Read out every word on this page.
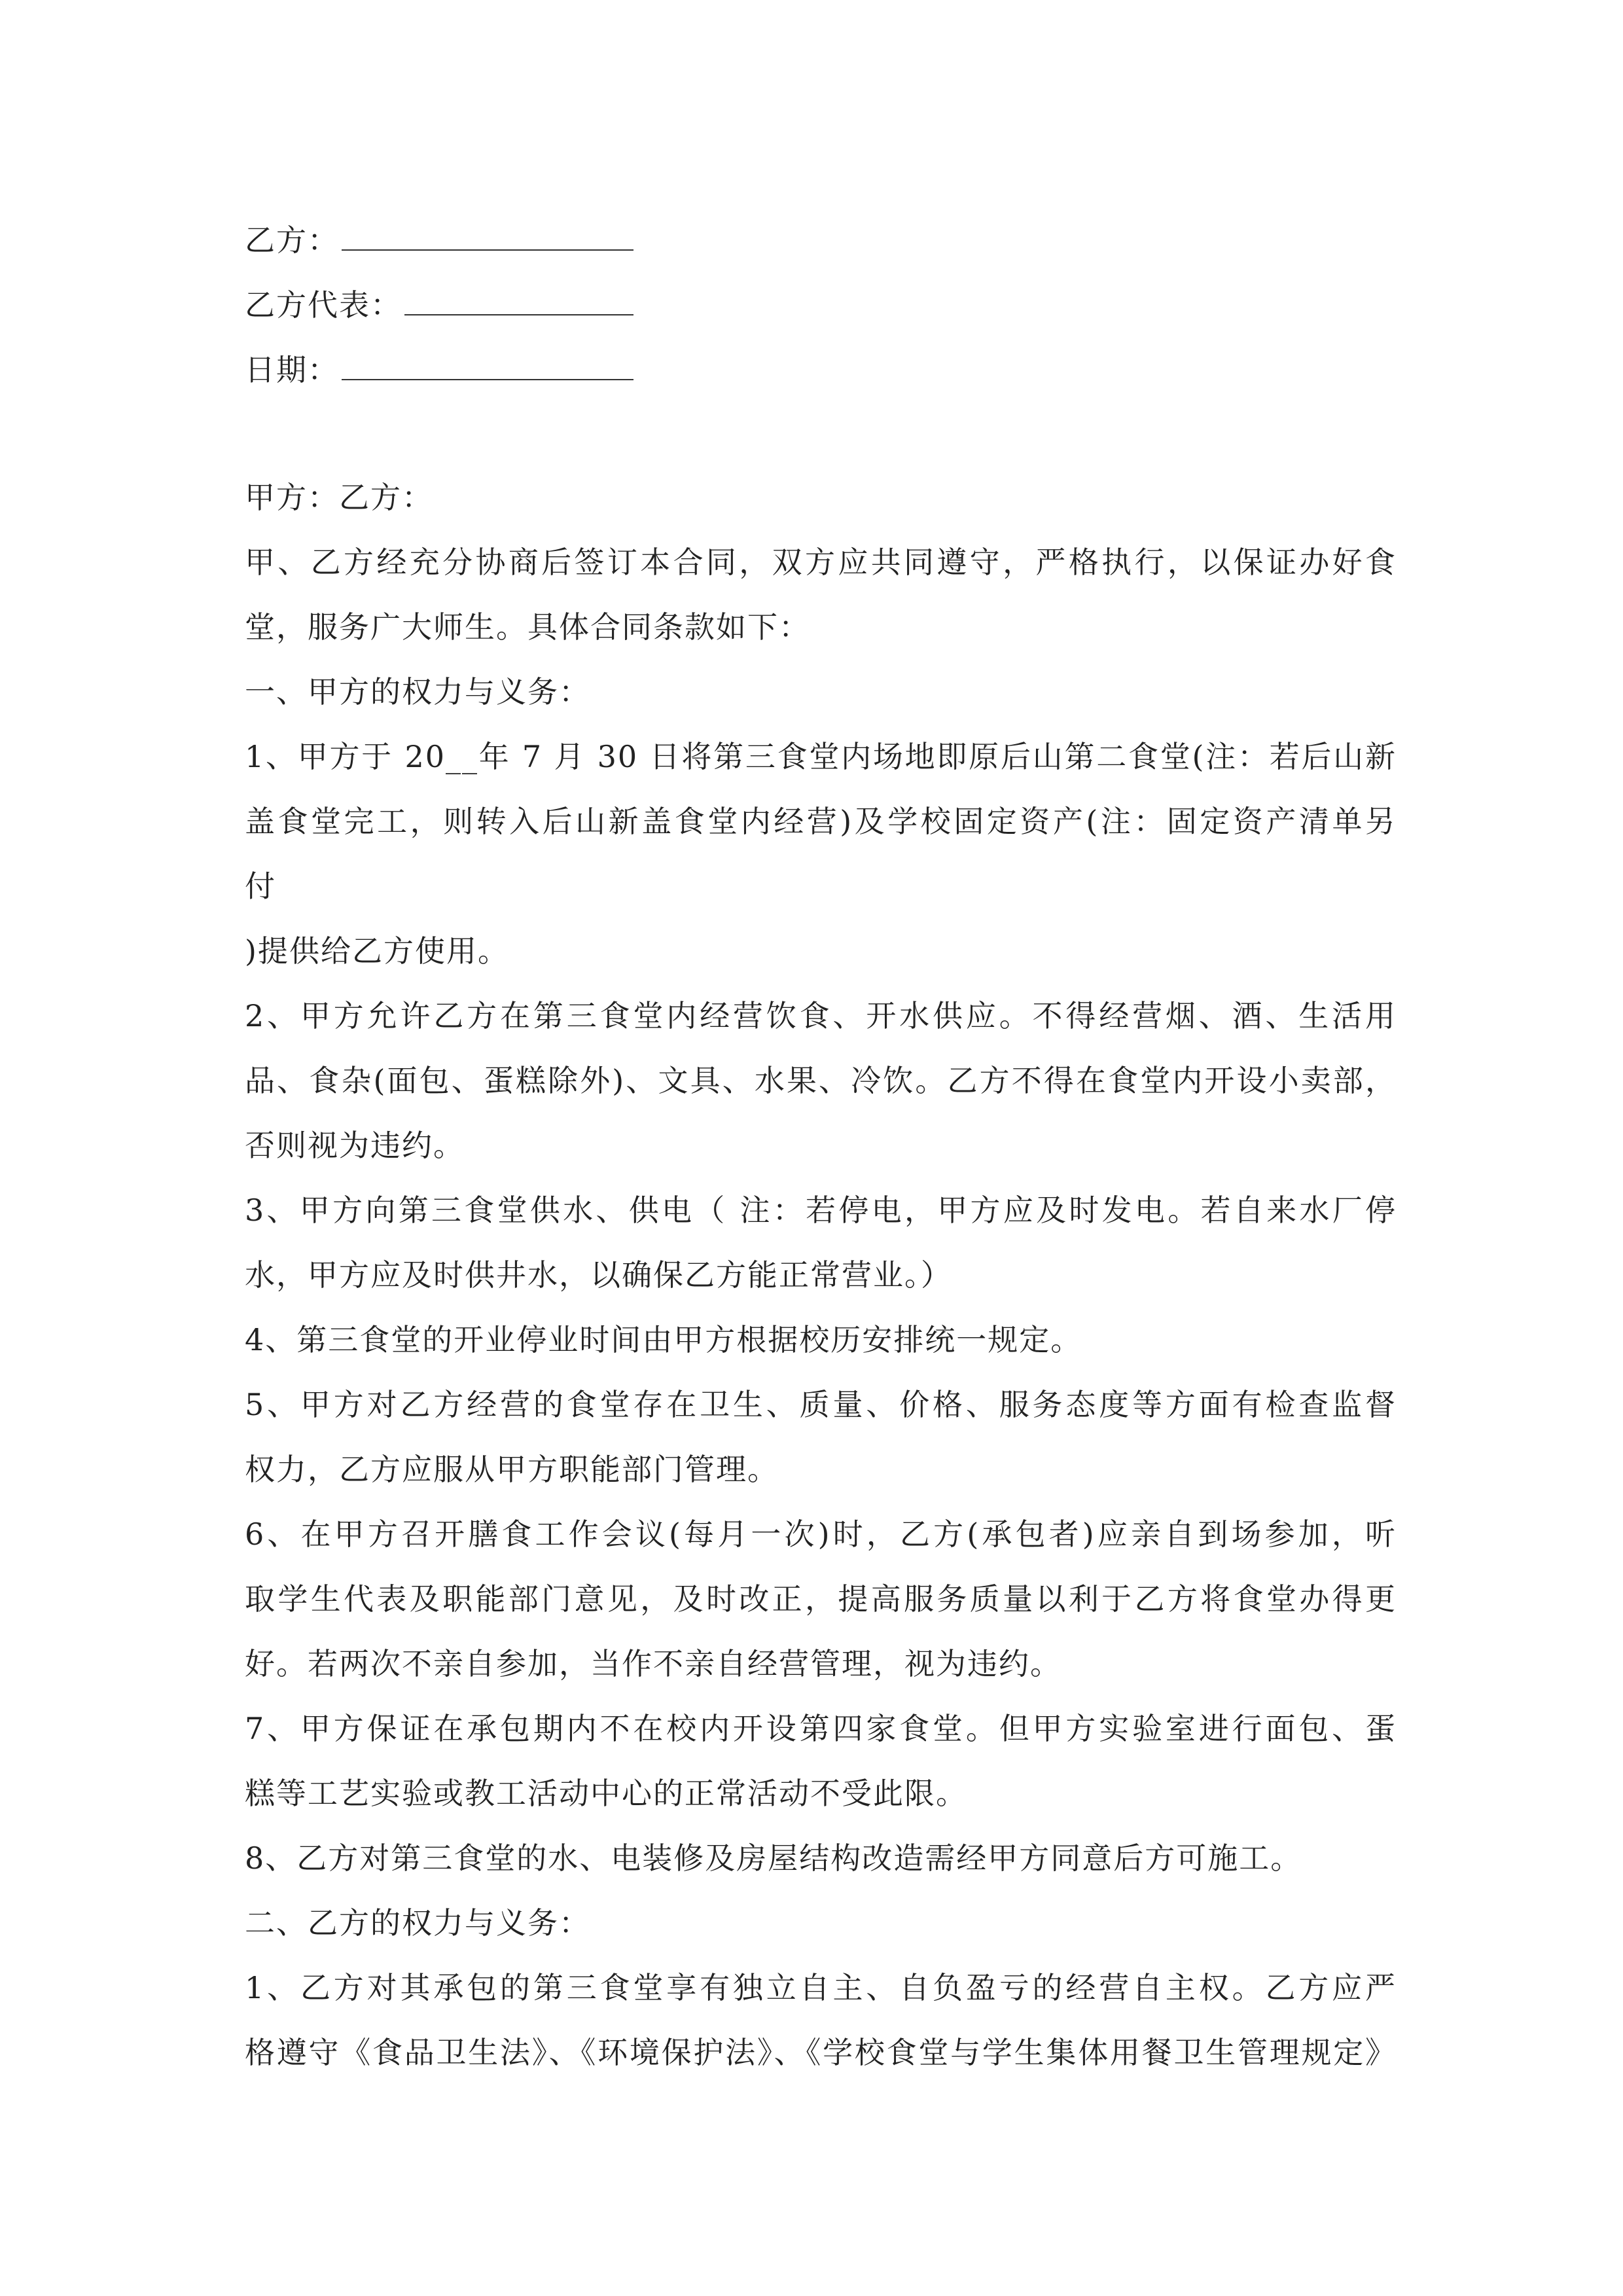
乙方：
乙方代表：
日期：
甲方：乙方：
甲、乙方经充分协商后签订本合同，双方应共同遵守，严格执行，以保证办好食
堂，服务广大师生。具体合同条款如下：
一、甲方的权力与义务：
1、甲方于 20__年 7 月 30 日将第三食堂内场地即原后山第二食堂(注：若后山新
盖食堂完工，则转入后山新盖食堂内经营)及学校固定资产(注：固定资产清单另
付
)提供给乙方使用。
2、甲方允许乙方在第三食堂内经营饮食、开水供应。不得经营烟、酒、生活用
品、食杂(面包、蛋糕除外)、文具、水果、冷饮。乙方不得在食堂内开设小卖部，
否则视为违约。
3、甲方向第三食堂供水、供电（ 注：若停电，甲方应及时发电。若自来水厂停
水，甲方应及时供井水，以确保乙方能正常营业。）
4、第三食堂的开业停业时间由甲方根据校历安排统一规定。
5、甲方对乙方经营的食堂存在卫生、质量、价格、服务态度等方面有检查监督
权力，乙方应服从甲方职能部门管理。
6、在甲方召开膳食工作会议(每月一次)时，乙方(承包者)应亲自到场参加，听
取学生代表及职能部门意见，及时改正，提高服务质量以利于乙方将食堂办得更
好。若两次不亲自参加，当作不亲自经营管理，视为违约。
7、甲方保证在承包期内不在校内开设第四家食堂。但甲方实验室进行面包、蛋
糕等工艺实验或教工活动中心的正常活动不受此限。
8、乙方对第三食堂的水、电装修及房屋结构改造需经甲方同意后方可施工。
二、乙方的权力与义务：
1、乙方对其承包的第三食堂享有独立自主、自负盈亏的经营自主权。乙方应严
格遵守《食品卫生法》、《环境保护法》、《学校食堂与学生集体用餐卫生管理规定》
